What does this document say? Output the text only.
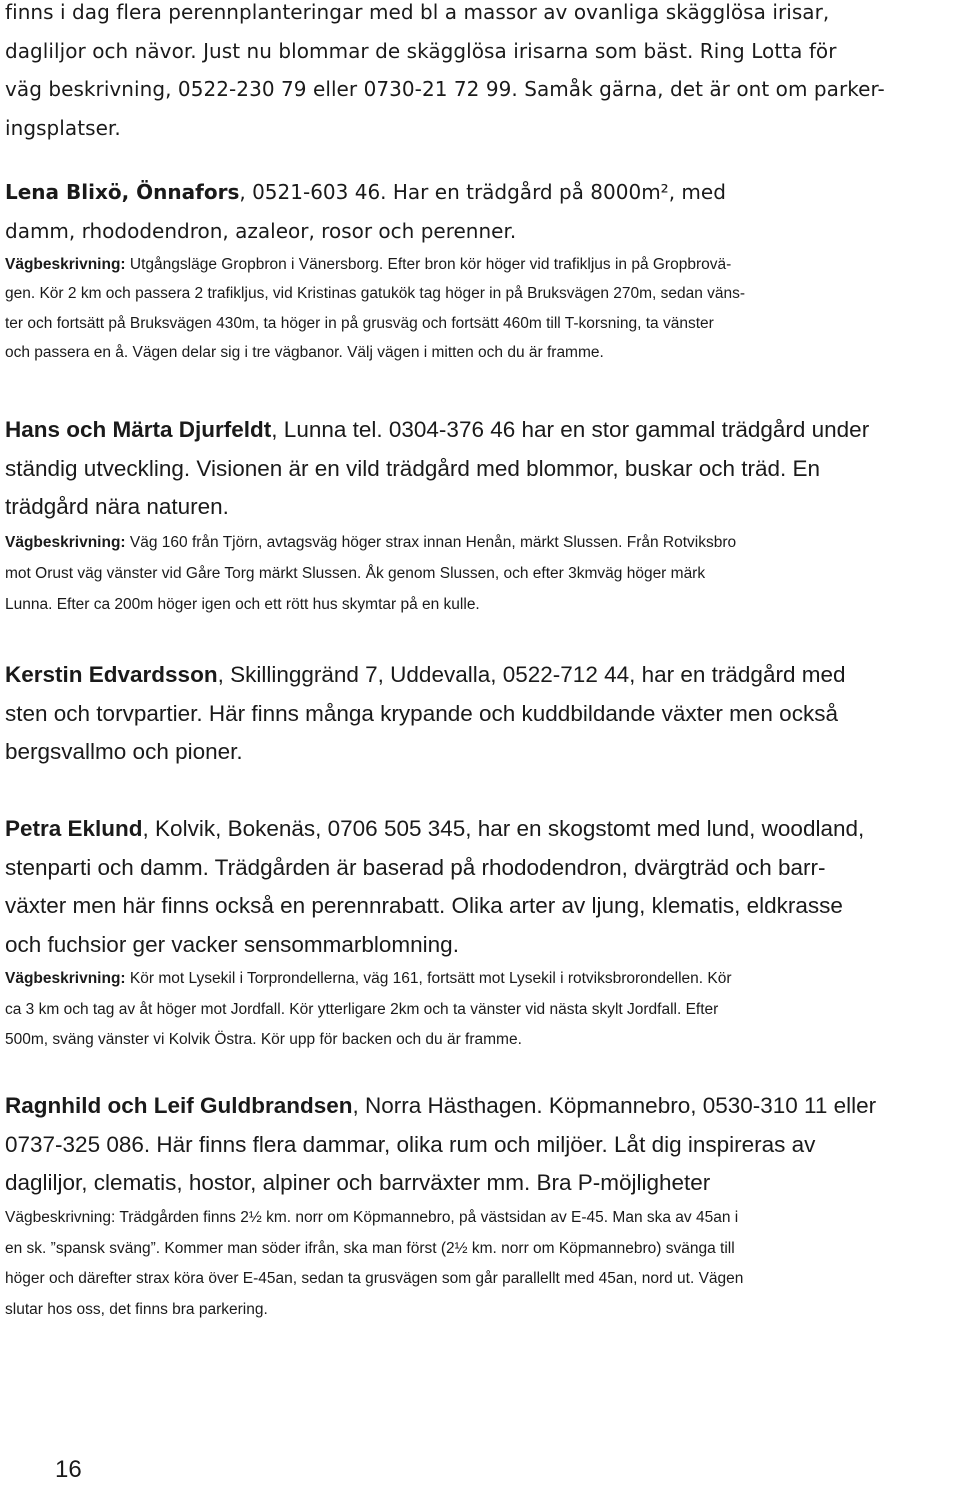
finns i dag flera perennplanteringar med bl a massor av ovanliga skägglösa irisar,
dagliljor och nävor. Just nu blommar de skägglösa irisarna som bäst. Ring Lotta för
väg beskrivning, 0522-230 79 eller 0730-21 72 99. Samåk gärna, det är ont om parker-
ingsplatser.

Lena Blixö, Önnafors, 0521-603 46. Har en trädgård på 8000m², med
damm, rhododendron, azaleor, rosor och perenner.

Vägbeskrivning: Utgångsläge Gropbron i Vänersborg. Efter bron kör höger vid trafikljus in på Gropbrovä-
gen. Kör 2 km och passera 2 trafikljus, vid Kristinas gatukök tag höger in på Bruksvägen 270m, sedan väns-
ter och fortsätt på Bruksvägen 430m, ta höger in på grusväg och fortsätt 460m till T-korsning, ta vänster
och passera en å. Vägen delar sig i tre vägbanor. Välj vägen i mitten och du är framme.

Hans och Märta Djurfeldt, Lunna tel. 0304-376 46 har en stor gammal trädgård under
ständig utveckling. Visionen är en vild trädgård med blommor, buskar och träd. En
trädgård nära naturen.

Vägbeskrivning: Väg 160 från Tjörn, avtagsväg höger strax innan Henån, märkt Slussen. Från Rotviksbro
mot Orust väg vänster vid Gåre Torg märkt Slussen. Åk genom Slussen, och efter 3kmväg höger märk
Lunna. Efter ca 200m höger igen och ett rött hus skymtar på en kulle.

Kerstin Edvardsson, Skillinggränd 7, Uddevalla, 0522-712 44, har en trädgård med
sten och torvpartier. Här finns många krypande och kuddbildande växter men också
bergsvallmo och pioner.

Petra Eklund, Kolvik, Bokenäs, 0706 505 345, har en skogstomt med lund, woodland,
stenparti och damm. Trädgården är baserad på rhododendron, dvärgträd och barr-
växter men här finns också en perennrabatt. Olika arter av ljung, klematis, eldkrasse
och fuchsior ger vacker sensommarblomning.

Vägbeskrivning: Kör mot Lysekil i Torprondellerna, väg 161, fortsätt mot Lysekil i rotviksbrorondellen. Kör
ca 3 km och tag av åt höger mot Jordfall. Kör ytterligare 2km och ta vänster vid nästa skylt Jordfall. Efter
500m, sväng vänster vi Kolvik Östra. Kör upp för backen och du är framme.

Ragnhild och Leif Guldbrandsen, Norra Hästhagen. Köpmannebro, 0530-310 11 eller
0737-325 086. Här finns flera dammar, olika rum och miljöer. Låt dig inspireras av
dagliljor, clematis, hostor, alpiner och barrväxter mm. Bra P-möjligheter

Vägbeskrivning: Trädgården finns 2½ km. norr om Köpmannebro, på västsidan av E-45. Man ska av 45an i
en sk. ”spansk sväng”. Kommer man söder ifrån, ska man först (2½ km. norr om Köpmannebro) svänga till
höger och därefter strax köra över E-45an, sedan ta grusvägen som går parallellt med 45an, nord ut. Vägen
slutar hos oss, det finns bra parkering.

16
